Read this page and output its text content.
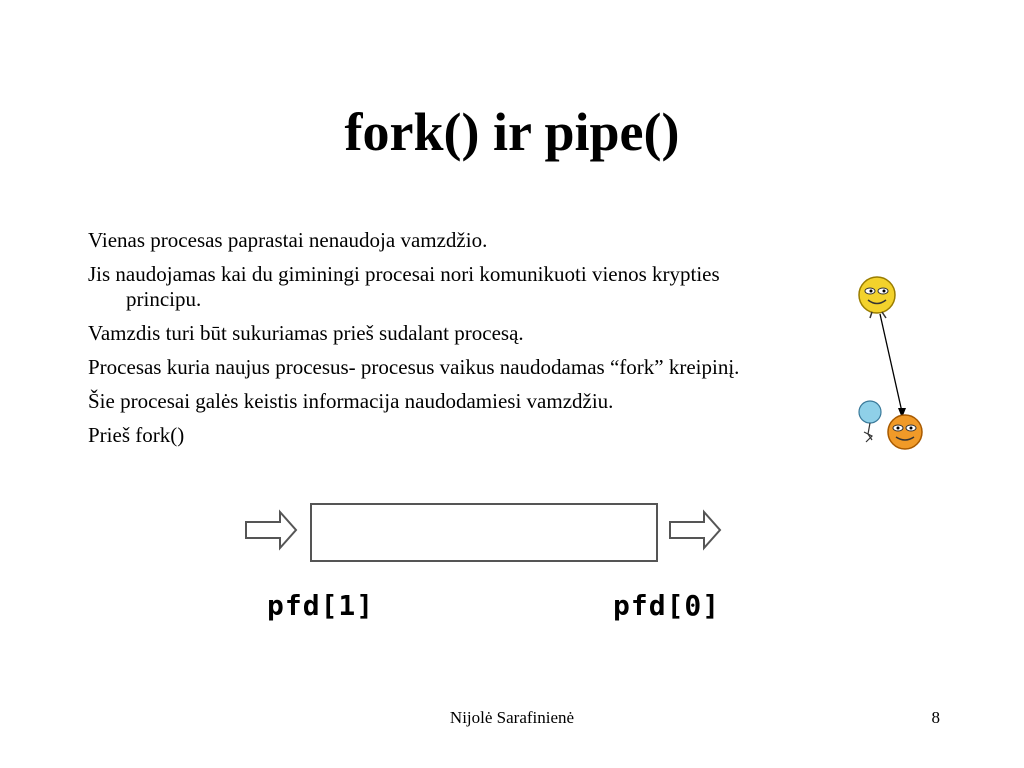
fork() ir pipe()
Vienas procesas paprastai nenaudoja vamzdžio.
Jis naudojamas kai du giminingi procesai nori komunikuoti vienos krypties principu.
Vamzdis turi būt sukuriamas prieš sudalant procesą.
Procesas kuria naujus procesus- procesus vaikus naudodamas “fork” kreipinį.
Šie procesai galės keistis informacija naudodamiesi vamzdžiu.
Prieš fork()
pfd[1]	pfd[0]
Nijolė Sarafinienė	8
